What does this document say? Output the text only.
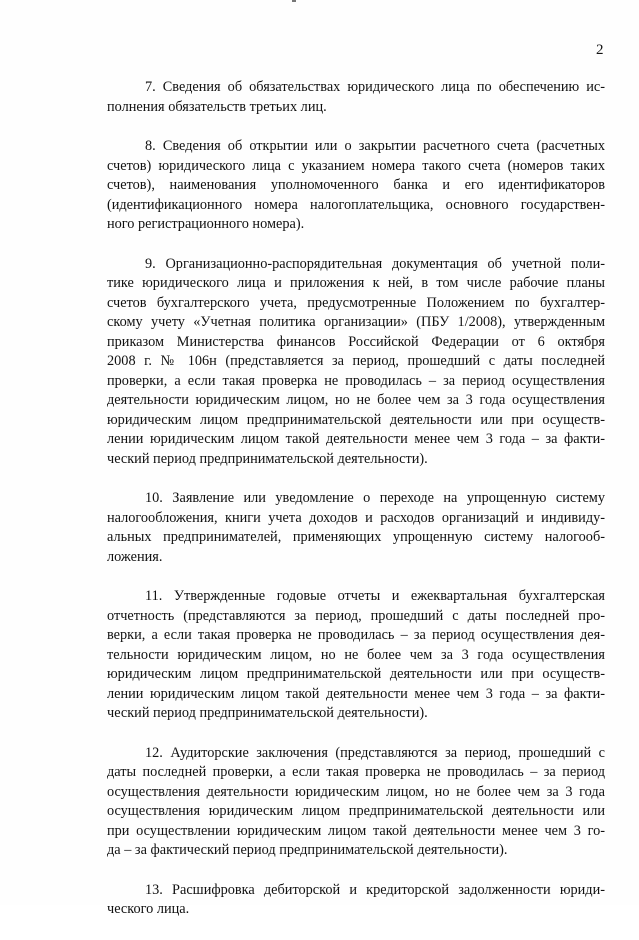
2
7. Сведения об обязательствах юридического лица по обеспечению ис-
полнения обязательств третьих лиц.
8. Сведения об открытии или о закрытии расчетного счета (расчетных
счетов) юридического лица с указанием номера такого счета (номеров таких
счетов), наименования уполномоченного банка и его идентификаторов
(идентификационного номера налогоплательщика, основного государствен-
ного регистрационного номера).
9. Организационно-распорядительная документация об учетной поли-
тике юридического лица и приложения к ней, в том числе рабочие планы
счетов бухгалтерского учета, предусмотренные Положением по бухгалтер-
скому учету «Учетная политика организации» (ПБУ 1/2008), утвержденным
приказом Министерства финансов Российской Федерации от 6 октября
2008 г. № 106н (представляется за период, прошедший с даты последней
проверки, а если такая проверка не проводилась – за период осуществления
деятельности юридическим лицом, но не более чем за 3 года осуществления
юридическим лицом предпринимательской деятельности или при осуществ-
лении юридическим лицом такой деятельности менее чем 3 года – за факти-
ческий период предпринимательской деятельности).
10. Заявление или уведомление о переходе на упрощенную систему
налогообложения, книги учета доходов и расходов организаций и индивиду-
альных предпринимателей, применяющих упрощенную систему налогооб-
ложения.
11. Утвержденные годовые отчеты и ежеквартальная бухгалтерская
отчетность (представляются за период, прошедший с даты последней про-
верки, а если такая проверка не проводилась – за период осуществления дея-
тельности юридическим лицом, но не более чем за 3 года осуществления
юридическим лицом предпринимательской деятельности или при осуществ-
лении юридическим лицом такой деятельности менее чем 3 года – за факти-
ческий период предпринимательской деятельности).
12. Аудиторские заключения (представляются за период, прошедший с
даты последней проверки, а если такая проверка не проводилась – за период
осуществления деятельности юридическим лицом, но не более чем за 3 года
осуществления юридическим лицом предпринимательской деятельности или
при осуществлении юридическим лицом такой деятельности менее чем 3 го-
да – за фактический период предпринимательской деятельности).
13. Расшифровка дебиторской и кредиторской задолженности юриди-
ческого лица.
